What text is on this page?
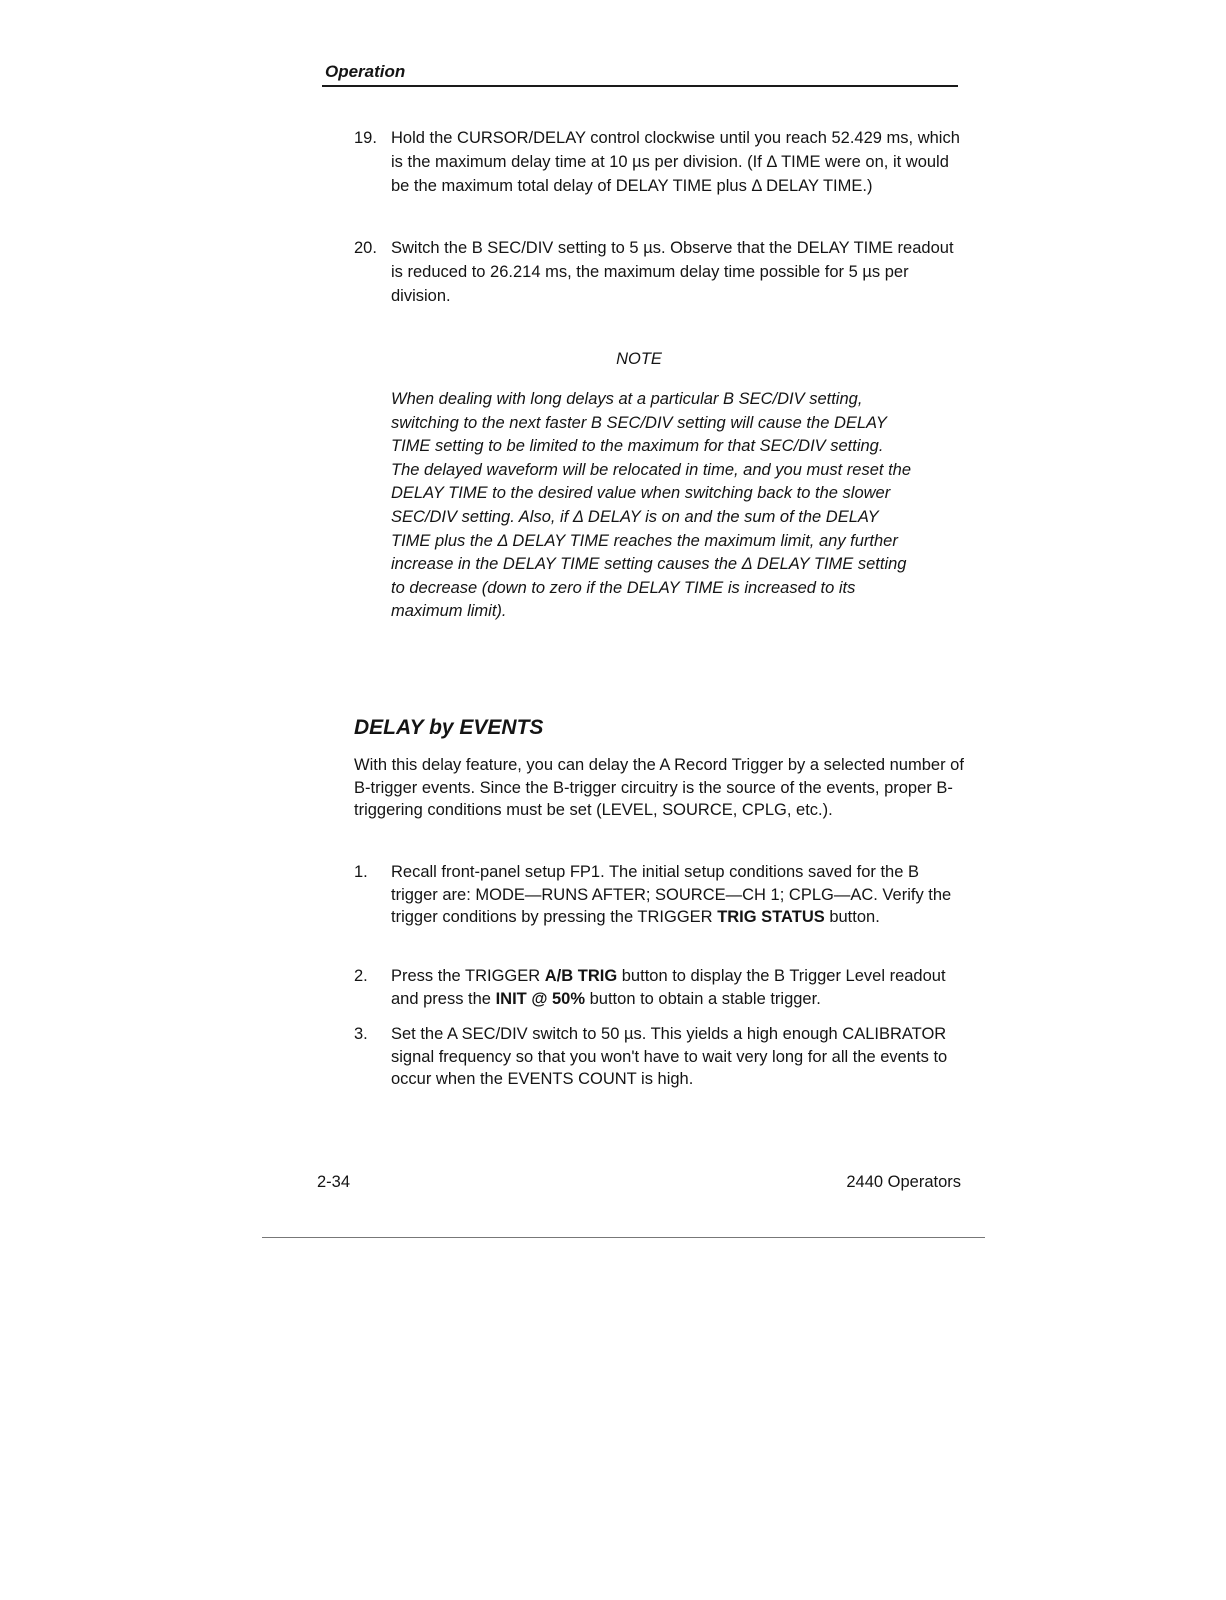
Operation
19. Hold the CURSOR/DELAY control clockwise until you reach 52.429 ms, which is the maximum delay time at 10 µs per division. (If Δ TIME were on, it would be the maximum total delay of DELAY TIME plus Δ DELAY TIME.)
20. Switch the B SEC/DIV setting to 5 µs. Observe that the DELAY TIME readout is reduced to 26.214 ms, the maximum delay time possible for 5 µs per division.
NOTE
When dealing with long delays at a particular B SEC/DIV setting, switching to the next faster B SEC/DIV setting will cause the DELAY TIME setting to be limited to the maximum for that SEC/DIV setting. The delayed waveform will be relocated in time, and you must reset the DELAY TIME to the desired value when switching back to the slower SEC/DIV setting. Also, if Δ DELAY is on and the sum of the DELAY TIME plus the Δ DELAY TIME reaches the maximum limit, any further increase in the DELAY TIME setting causes the Δ DELAY TIME setting to decrease (down to zero if the DELAY TIME is increased to its maximum limit).
DELAY by EVENTS
With this delay feature, you can delay the A Record Trigger by a selected number of B-trigger events. Since the B-trigger circuitry is the source of the events, proper B-triggering conditions must be set (LEVEL, SOURCE, CPLG, etc.).
1. Recall front-panel setup FP1. The initial setup conditions saved for the B trigger are: MODE—RUNS AFTER; SOURCE—CH 1; CPLG—AC. Verify the trigger conditions by pressing the TRIGGER TRIG STATUS button.
2. Press the TRIGGER A/B TRIG button to display the B Trigger Level readout and press the INIT @ 50% button to obtain a stable trigger.
3. Set the A SEC/DIV switch to 50 µs. This yields a high enough CALIBRATOR signal frequency so that you won't have to wait very long for all the events to occur when the EVENTS COUNT is high.
2-34	2440 Operators
